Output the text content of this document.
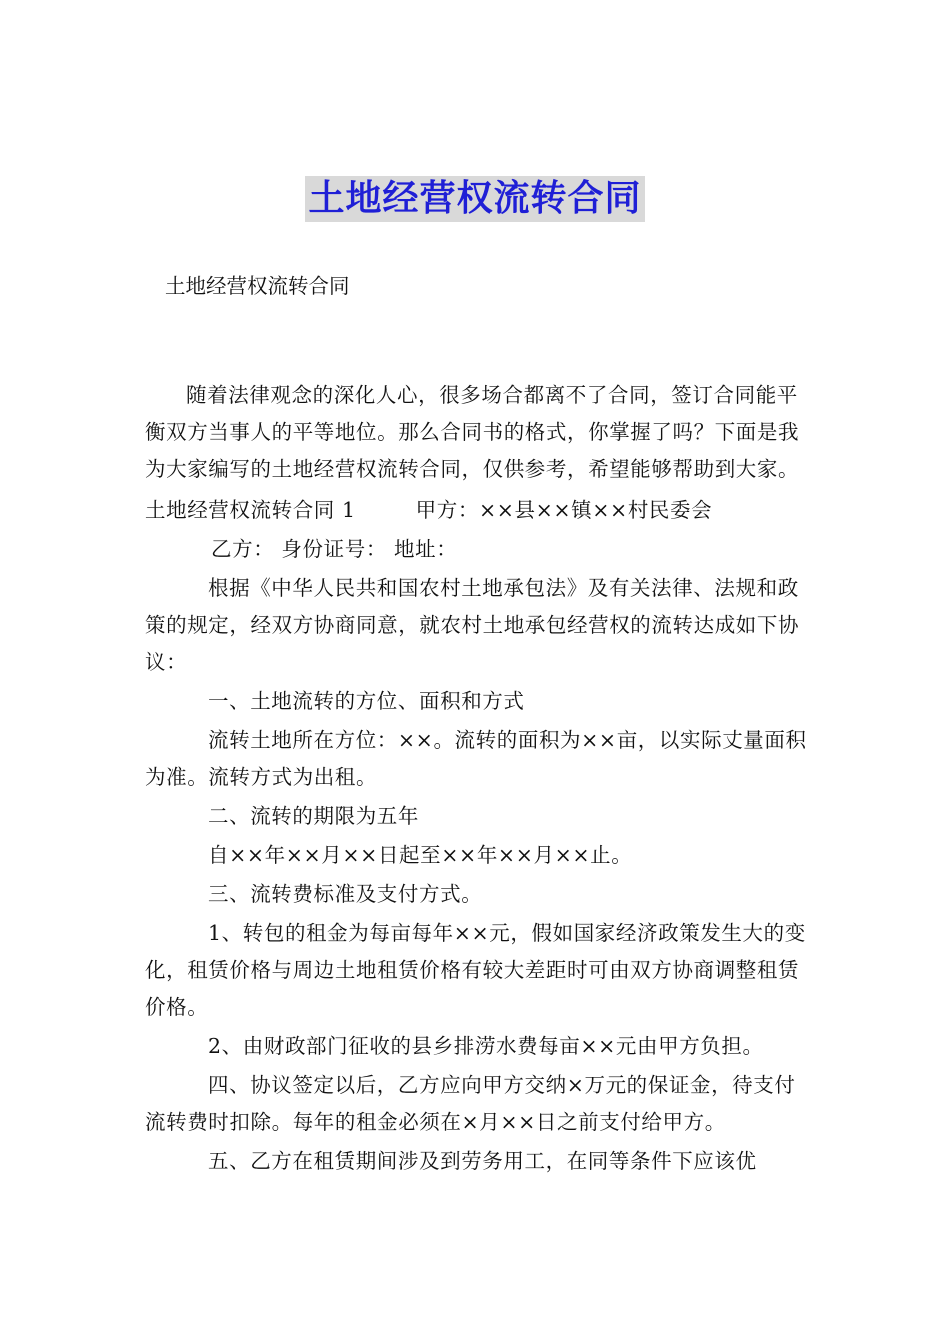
土地经营权流转合同
土地经营权流转合同

随着法律观念的深化人心，很多场合都离不了合同，签订合同能平衡双方当事人的平等地位。那么合同书的格式，你掌握了吗？下面是我为大家编写的土地经营权流转合同，仅供参考，希望能够帮助到大家。

土地经营权流转合同 1	甲方：××县××镇××村民委会

乙方： 身份证号： 地址：

根据《中华人民共和国农村土地承包法》及有关法律、法规和政策的规定，经双方协商同意，就农村土地承包经营权的流转达成如下协议：

一、土地流转的方位、面积和方式

流转土地所在方位：××。流转的面积为××亩，以实际丈量面积为准。流转方式为出租。

二、流转的期限为五年

自××年××月××日起至××年××月××止。

三、流转费标准及支付方式。

1、转包的租金为每亩每年××元，假如国家经济政策发生大的变化，租赁价格与周边土地租赁价格有较大差距时可由双方协商调整租赁价格。

2、由财政部门征收的县乡排涝水费每亩××元由甲方负担。

四、协议签定以后，乙方应向甲方交纳×万元的保证金，待支付流转费时扣除。每年的租金必须在×月××日之前支付给甲方。

五、乙方在租赁期间涉及到劳务用工，在同等条件下应该优
